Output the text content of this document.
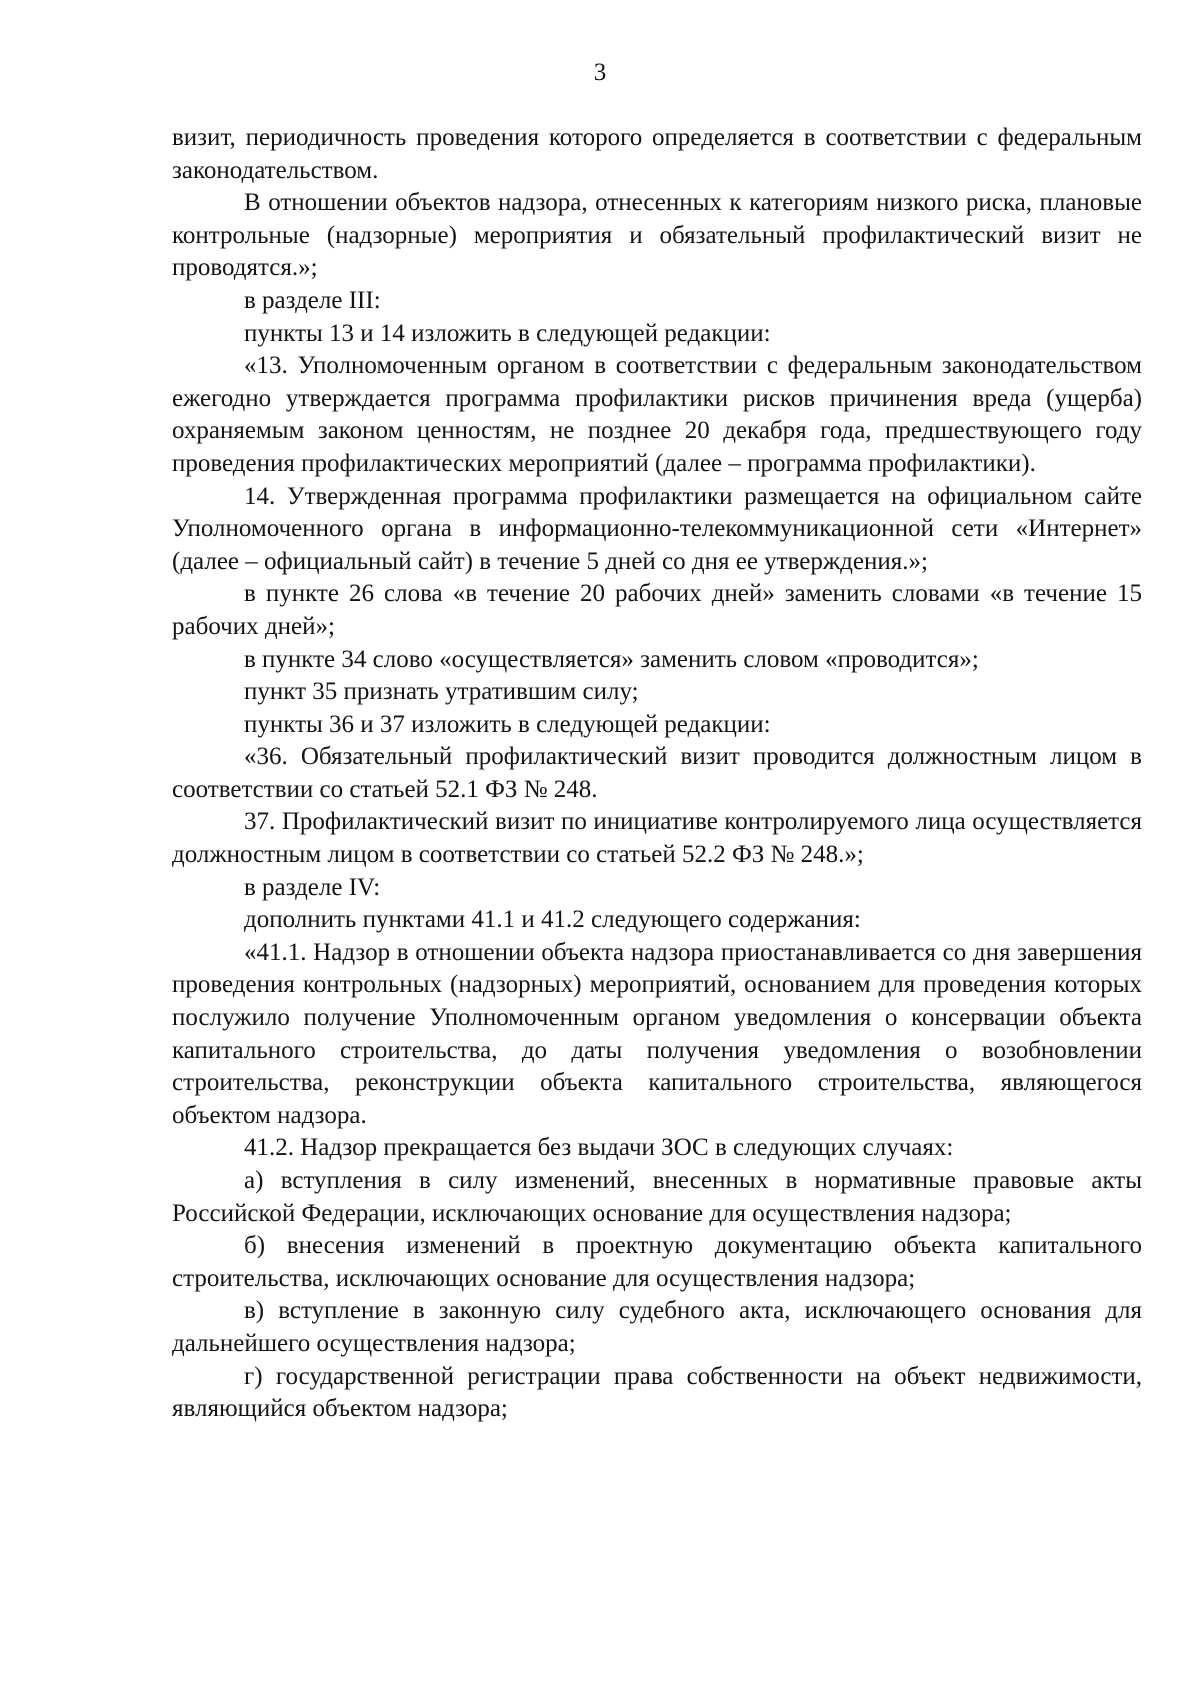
3

визит, периодичность проведения которого определяется в соответствии с федеральным законодательством.

В отношении объектов надзора, отнесенных к категориям низкого риска, плановые контрольные (надзорные) мероприятия и обязательный профилактический визит не проводятся.»;

в разделе III:

пункты 13 и 14 изложить в следующей редакции:

«13. Уполномоченным органом в соответствии с федеральным законодательством ежегодно утверждается программа профилактики рисков причинения вреда (ущерба) охраняемым законом ценностям, не позднее 20 декабря года, предшествующего году проведения профилактических мероприятий (далее – программа профилактики).

14. Утвержденная программа профилактики размещается на официальном сайте Уполномоченного органа в информационно-телекоммуникационной сети «Интернет» (далее – официальный сайт) в течение 5 дней со дня ее утверждения.»;

в пункте 26 слова «в течение 20 рабочих дней» заменить словами «в течение 15 рабочих дней»;

в пункте 34 слово «осуществляется» заменить словом «проводится»;

пункт 35 признать утратившим силу;

пункты 36 и 37 изложить в следующей редакции:

«36. Обязательный профилактический визит проводится должностным лицом в соответствии со статьей 52.1 ФЗ № 248.

37. Профилактический визит по инициативе контролируемого лица осуществляется должностным лицом в соответствии со статьей 52.2 ФЗ № 248.»;

в разделе IV:

дополнить пунктами 41.1 и 41.2 следующего содержания:

«41.1. Надзор в отношении объекта надзора приостанавливается со дня завершения проведения контрольных (надзорных) мероприятий, основанием для проведения которых послужило получение Уполномоченным органом уведомления о консервации объекта капитального строительства, до даты получения уведомления о возобновлении строительства, реконструкции объекта капитального строительства, являющегося объектом надзора.

41.2. Надзор прекращается без выдачи ЗОС в следующих случаях:

а) вступления в силу изменений, внесенных в нормативные правовые акты Российской Федерации, исключающих основание для осуществления надзора;

б) внесения изменений в проектную документацию объекта капитального строительства, исключающих основание для осуществления надзора;

в) вступление в законную силу судебного акта, исключающего основания для дальнейшего осуществления надзора;

г) государственной регистрации права собственности на объект недвижимости, являющийся объектом надзора;
